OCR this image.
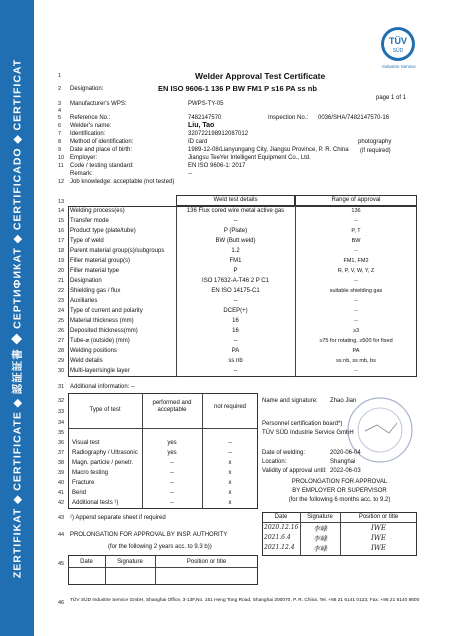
ZERTIFIKAT ◆ CERTIFICATE ◆ 認証証書 ◆ СЕРТИФИКАТ ◆ CERTIFICADO ◆ CERTIFICAT
TÜV
SÜD
Industrie Service
1	Welder Approval Test Certificate
2 Designation:	EN ISO 9606-1 136 P BW FM1 P s16 PA ss nb
page 1 of 1
3 Manufacturer's WPS:	PWPS-TY-05
4
5 Reference No.:	7482147570	Inspection No.: 0036/SHA/7482147570-16
6 Welder's name:	Liu, Tao
7 Identification:	320722198912087012
8 Method of identification:	ID card	photography
9 Date and place of birth:	1989-12-08/Lianyungang City, Jiangsu Province, P. R. China (if required)
10 Employer:	Jiangsu TeeYer Intelligent Equipment Co., Ltd.
11 Code / testing standard:	EN ISO 9606-1: 2017
Remark:	--
12 Job knowledge: acceptable (not tested)
13	Weld test details	Range of approval
14 Welding process(es)	136 Flux cored wire metal active gas	136
15 Transfer mode	--	--
16 Product type (plate/tube)	P (Plate)	P, T
17 Type of weld	BW (Butt weld)	BW
18 Parent material group(s)/subgroups	1.2	--
19 Filler material group(s)	FM1	FM1, FM2
20 Filler material type	P	R, P, V, W, Y, Z
21 Designation	ISO 17632-A-T46 2 P C1	--
22 Shielding gas / flux	EN ISO 14175-C1	suitable shielding gas
23 Auxiliaries	--	--
24 Type of current and polarity	DCEP(+)	--
25 Material thickness (mm)	16	--
26 Deposited thickness(mm)	16	≥3
27 Tube-⌀ (outside) (mm)	--	≥75 for rotating, ≥500 for fixed
28 Welding positions	PA	PA
29 Weld details	ss nb	ss nb, ss mb, bs
30 Multi-layer/single layer	--	--
31 Additional information: --
32
33
34
Type of test
performed and acceptable	not required
35
36 Visual test	yes	--
37 Radiography / Ultrasonic	yes	--
38 Magn. particle / penetr.	--	x
39 Macro testing	--	x
40 Fracture	--	x
41 Bend	--	x
42 Additional tests ¹)	--	x
Name and signature: Zhao Jian
Personnel certification board*)
TÜV SÜD Industrie Service GmbH
Date of welding:	2020-06-04
Location:	Shanghai
Validity of approval until: 2022-06-03
PROLONGATION FOR APPROVAL
BY EMPLOYER OR SUPERVISOR
(for the following 6 months acc. to 9.2)
Date	Signature	Position or title
2020.12.16	李峰	IWE
2021.6.4	李峰	IWE
2021.12.4	李峰	IWE
43 ¹) Append separate sheet if required
44 PROLONGATION FOR APPROVAL BY INSP. AUTHORITY
(for the following 2 years acc. to 9.3 b))
45	Date	Signature	Position or title
46 TÜV SÜD Industrie Service GmbH, Shanghai Office, 3-13F,No. 151 Heng Tong Road, Shanghai 200070, P. R. China. Tel. +86 21 6141 0123, Fax. +86 21 6140 8600
